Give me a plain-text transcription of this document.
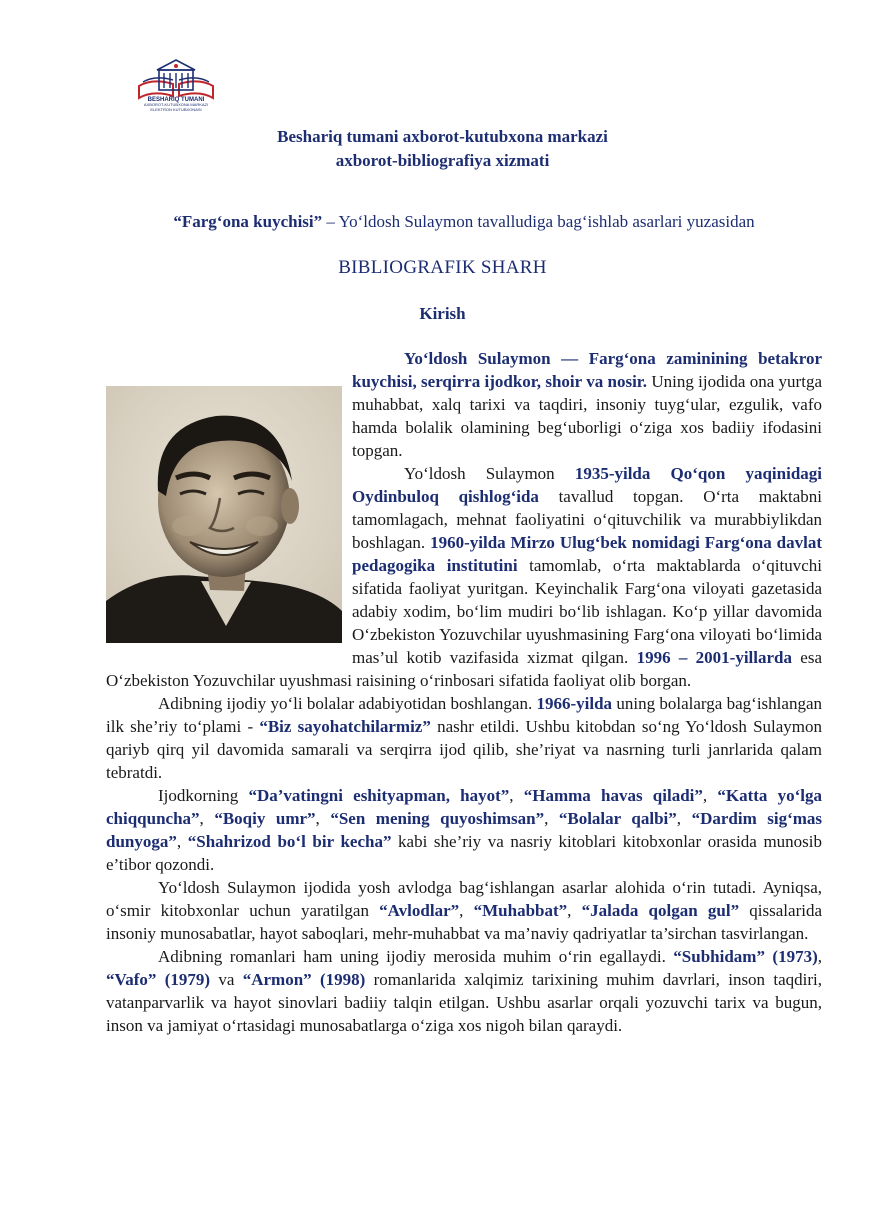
BESHARIQ TUMANI
AXBOROT-KUTUBXONA MARKAZI ELEKTRON KUTUBXONASI
Beshariq tumani axborot-kutubxona markazi
axborot-bibliografiya xizmati
“Farg‘ona kuychisi” – Yo‘ldosh Sulaymon tavalludiga bag‘ishlab asarlari yuzasidan
BIBLIOGRAFIK SHARH
Kirish

Yo‘ldosh Sulaymon — Farg‘ona zaminining betakror kuychisi, serqirra ijodkor, shoir va nosir. Uning ijodida ona yurtga muhabbat, xalq tarixi va taqdiri, insoniy tuyg‘ular, ezgulik, vafo hamda bolalik olamining beg‘uborligi o‘ziga xos badiiy ifodasini topgan.

Yo‘ldosh Sulaymon 1935-yilda Qo‘qon yaqinidagi Oydinbuloq qishlog‘ida tavallud topgan. O‘rta maktabni tamomlagach, mehnat faoliyatini o‘qituvchilik va murabbiylikdan boshlagan. 1960-yilda Mirzo Ulug‘bek nomidagi Farg‘ona davlat pedagogika institutini tamomlab, o‘rta maktablarda o‘qituvchi sifatida faoliyat yuritgan. Keyinchalik Farg‘ona viloyati gazetasida adabiy xodim, bo‘lim mudiri bo‘lib ishlagan. Ko‘p yillar davomida O‘zbekiston Yozuvchilar uyushmasining Farg‘ona viloyati bo‘limida mas’ul kotib vazifasida xizmat qilgan. 1996 – 2001-yillarda esa O‘zbekiston Yozuvchilar uyushmasi raisining o‘rinbosari sifatida faoliyat olib borgan.

Adibning ijodiy yo‘li bolalar adabiyotidan boshlangan. 1966-yilda uning bolalarga bag‘ishlangan ilk she’riy to‘plami - “Biz sayohatchilarmiz” nashr etildi. Ushbu kitobdan so‘ng Yo‘ldosh Sulaymon qariyb qirq yil davomida samarali va serqirra ijod qilib, she’riyat va nasrning turli janrlarida qalam tebratdi.

Ijodkorning “Da’vatingni eshityapman, hayot”, “Hamma havas qiladi”, “Katta yo‘lga chiqquncha”, “Boqiy umr”, “Sen mening quyoshimsan”, “Bolalar qalbi”, “Dardim sig‘mas dunyoga”, “Shahrizod bo‘l bir kecha” kabi she’riy va nasriy kitoblari kitobxonlar orasida munosib e’tibor qozondi.

Yo‘ldosh Sulaymon ijodida yosh avlodga bag‘ishlangan asarlar alohida o‘rin tutadi. Ayniqsa, o‘smir kitobxonlar uchun yaratilgan “Avlodlar”, “Muhabbat”, “Jalada qolgan gul” qissalarida insoniy munosabatlar, hayot saboqlari, mehr-muhabbat va ma’naviy qadriyatlar ta’sirchan tasvirlangan.

Adibning romanlari ham uning ijodiy merosida muhim o‘rin egallaydi. “Subhidam” (1973), “Vafo” (1979) va “Armon” (1998) romanlarida xalqimiz tarixining muhim davrlari, inson taqdiri, vatanparvarlik va hayot sinovlari badiiy talqin etilgan. Ushbu asarlar orqali yozuvchi tarix va bugun, inson va jamiyat o‘rtasidagi munosabatlarga o‘ziga xos nigoh bilan qaraydi.
